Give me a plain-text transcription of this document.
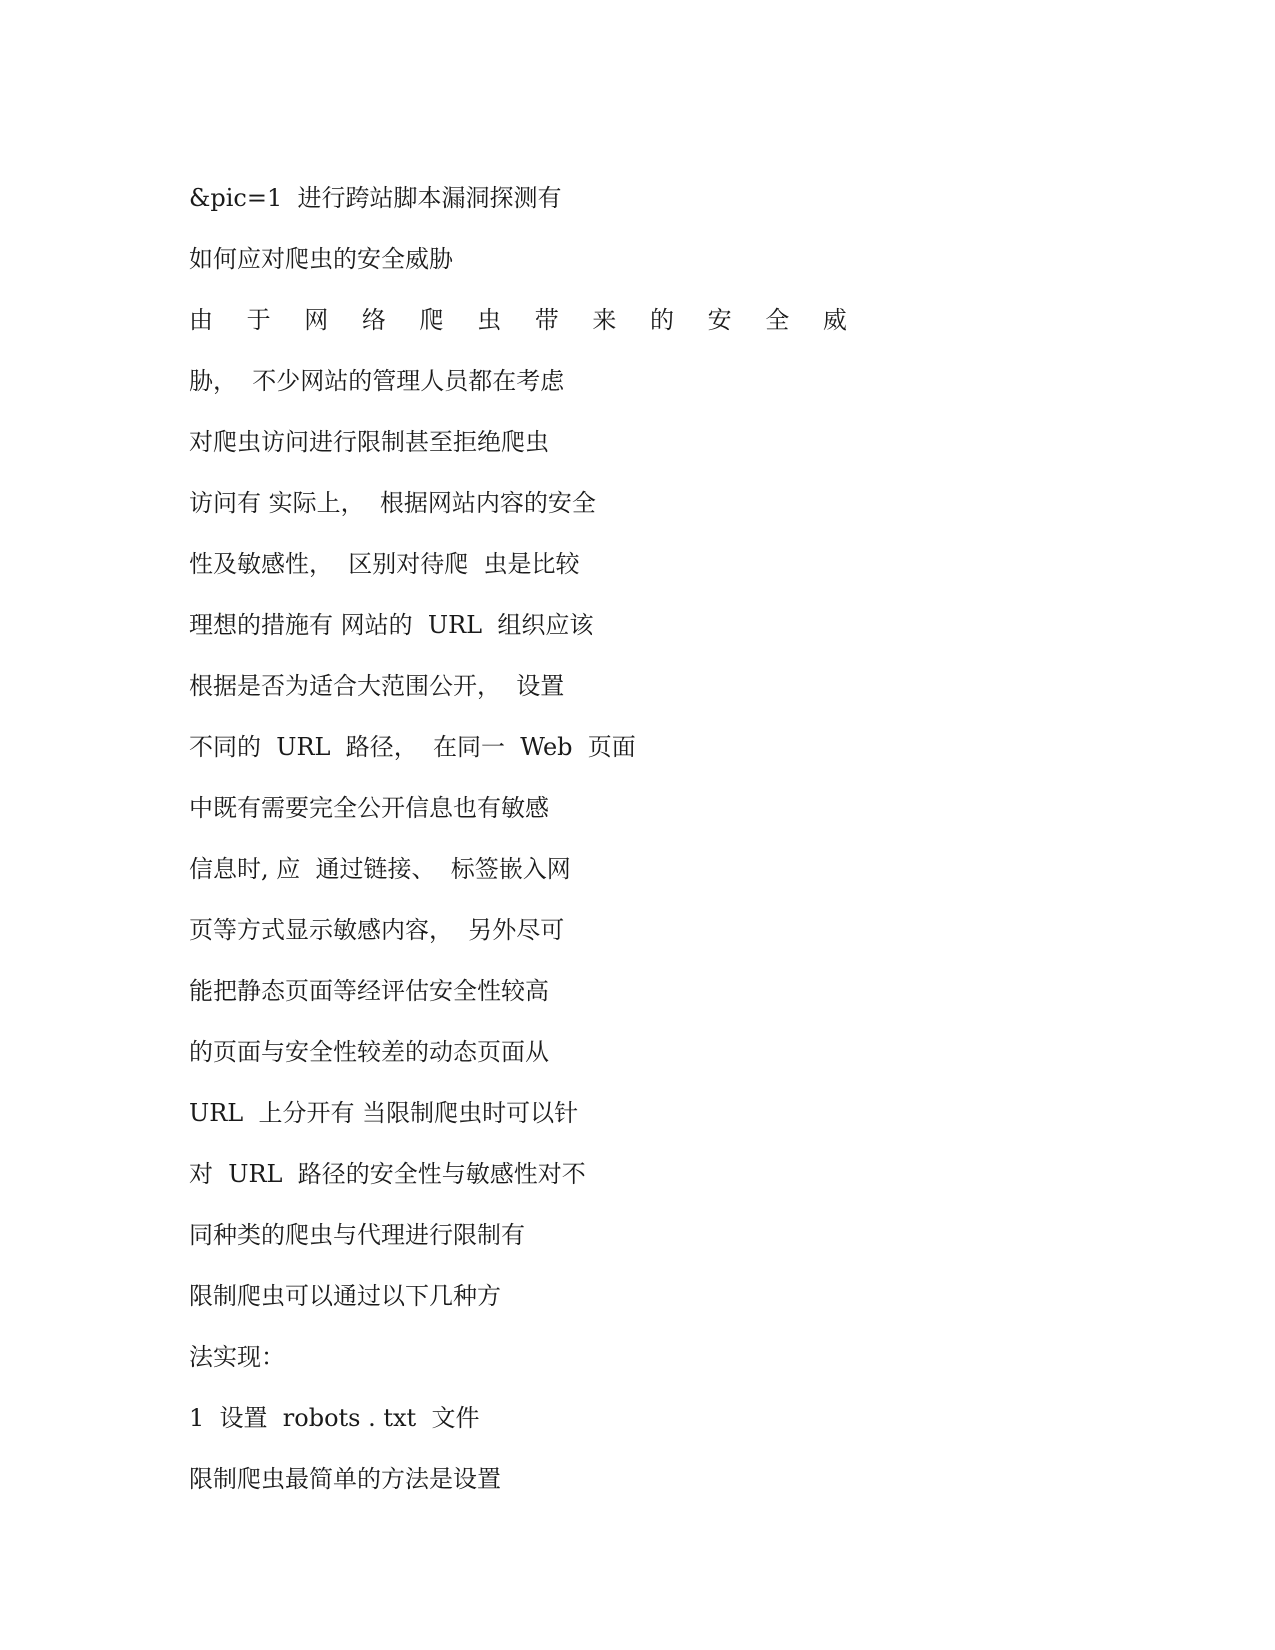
&pic=1  进行跨站脚本漏洞探测有
如何应对爬虫的安全威胁
由 于 网 络 爬 虫 带 来 的 安 全 威
胁，  不少网站的管理人员都在考虑
对爬虫访问进行限制甚至拒绝爬虫
访问有 实际上，  根据网站内容的安全
性及敏感性，  区别对待爬  虫是比较
理想的措施有 网站的  URL  组织应该
根据是否为适合大范围公开，  设置
不同的  URL  路径，  在同一  Web  页面
中既有需要完全公开信息也有敏感
信息时, 应  通过链接、  标签嵌入网
页等方式显示敏感内容，  另外尽可
能把静态页面等经评估安全性较高
的页面与安全性较差的动态页面从
URL  上分开有 当限制爬虫时可以针
对  URL  路径的安全性与敏感性对不
同种类的爬虫与代理进行限制有
限制爬虫可以通过以下几种方
法实现：
1  设置  robots . txt  文件
限制爬虫最简单的方法是设置
